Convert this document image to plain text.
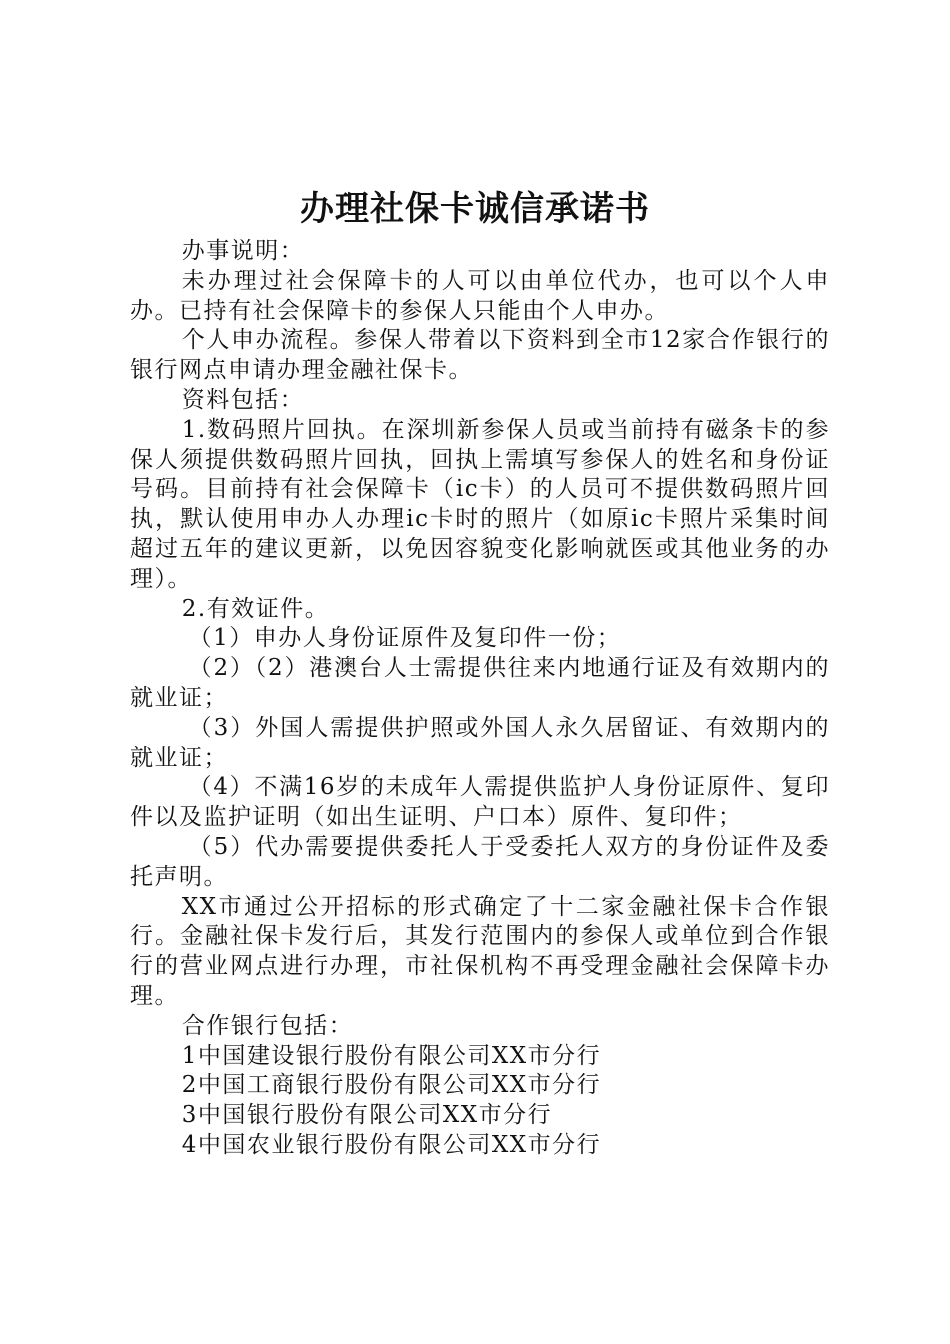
办理社保卡诚信承诺书

办事说明：

未办理过社会保障卡的人可以由单位代办，也可以个人申办。已持有社会保障卡的参保人只能由个人申办。

个人申办流程。参保人带着以下资料到全市12家合作银行的银行网点申请办理金融社保卡。

资料包括：

1.数码照片回执。在深圳新参保人员或当前持有磁条卡的参保人须提供数码照片回执，回执上需填写参保人的姓名和身份证号码。目前持有社会保障卡（ic卡）的人员可不提供数码照片回执，默认使用申办人办理ic卡时的照片（如原ic卡照片采集时间超过五年的建议更新，以免因容貌变化影响就医或其他业务的办理）。

2.有效证件。

（1）申办人身份证原件及复印件一份；

（2）（2）港澳台人士需提供往来内地通行证及有效期内的就业证；

（3）外国人需提供护照或外国人永久居留证、有效期内的就业证；

（4）不满16岁的未成年人需提供监护人身份证原件、复印件以及监护证明（如出生证明、户口本）原件、复印件；

（5）代办需要提供委托人于受委托人双方的身份证件及委托声明。

XX市通过公开招标的形式确定了十二家金融社保卡合作银行。金融社保卡发行后，其发行范围内的参保人或单位到合作银行的营业网点进行办理，市社保机构不再受理金融社会保障卡办理。

合作银行包括：

1中国建设银行股份有限公司XX市分行

2中国工商银行股份有限公司XX市分行

3中国银行股份有限公司XX市分行

4中国农业银行股份有限公司XX市分行
